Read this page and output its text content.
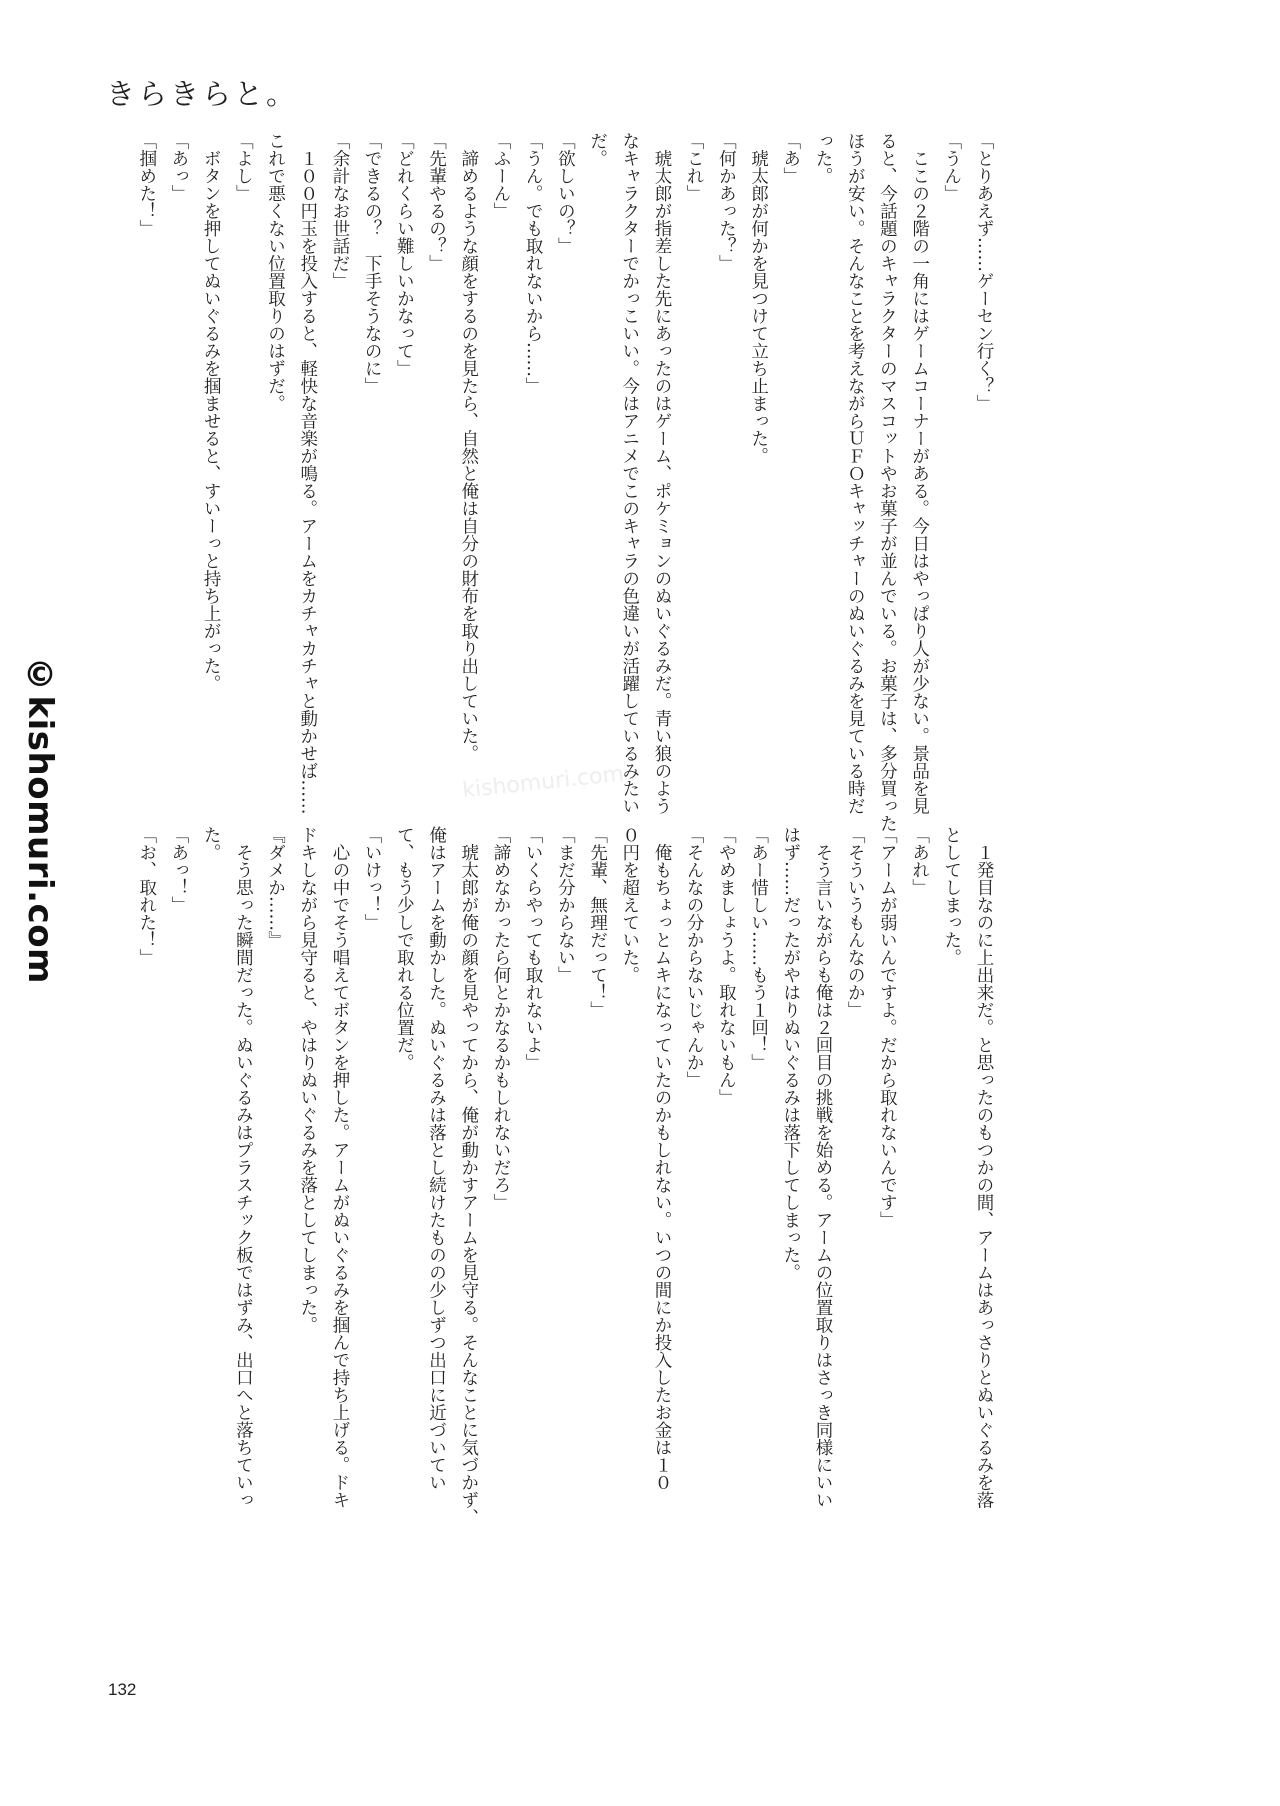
きらきらと。
「とりあえず……ゲーセン行く？」
「うん」
　ここの２階の一角にはゲームコーナーがある。今日はやっぱり人が少ない。景品を見
ると、今話題のキャラクターのマスコットやお菓子が並んでいる。お菓子は、多分買った
ほうが安い。そんなことを考えながらＵＦＯキャッチャーのぬいぐるみを見ている時だ
った。
「あ」
　琥太郎が何かを見つけて立ち止まった。
「何かあった？」
「これ」
　琥太郎が指差した先にあったのはゲーム、ポケミョンのぬいぐるみだ。青い狼のよう
なキャラクターでかっこいい。今はアニメでこのキャラの色違いが活躍しているみたい
だ。
「欲しいの？」
「うん。でも取れないから……」
「ふーん」
　諦めるような顔をするのを見たら、自然と俺は自分の財布を取り出していた。
「先輩やるの？」
「どれくらい難しいかなって」
「できるの？　下手そうなのに」
「余計なお世話だ」
　１００円玉を投入すると、軽快な音楽が鳴る。アームをカチャカチャと動かせば……
これで悪くない位置取りのはずだ。
「よし」
　ボタンを押してぬいぐるみを掴ませると、すいーっと持ち上がった。
「あっ」
「掴めた！」
　１発目なのに上出来だ。と思ったのもつかの間、アームはあっさりとぬいぐるみを落
としてしまった。
「あれ」
「アームが弱いんですよ。だから取れないんです」
「そういうもんなのか」
　そう言いながらも俺は２回目の挑戦を始める。アームの位置取りはさっき同様にいい
はず……だったがやはりぬいぐるみは落下してしまった。
「あー惜しい……もう１回！」
「やめましょうよ。取れないもん」
「そんなの分からないじゃんか」
　俺もちょっとムキになっていたのかもしれない。いつの間にか投入したお金は１０
０円を超えていた。
「先輩、無理だって！」
「まだ分からない」
「いくらやっても取れないよ」
「諦めなかったら何とかなるかもしれないだろ」
　琥太郎が俺の顔を見やってから、俺が動かすアームを見守る。そんなことに気づかず、
俺はアームを動かした。ぬいぐるみは落とし続けたものの少しずつ出口に近づいてい
て、もう少しで取れる位置だ。
「いけっ！」
　心の中でそう唱えてボタンを押した。アームがぬいぐるみを掴んで持ち上げる。ドキ
ドキしながら見守ると、やはりぬいぐるみを落としてしまった。
『ダメか……』
　そう思った瞬間だった。ぬいぐるみはプラスチック板ではずみ、出口へと落ちていっ
た。
「あっ！」
「お、取れた！」
©kishomuri.com	kishomuri.com
132
